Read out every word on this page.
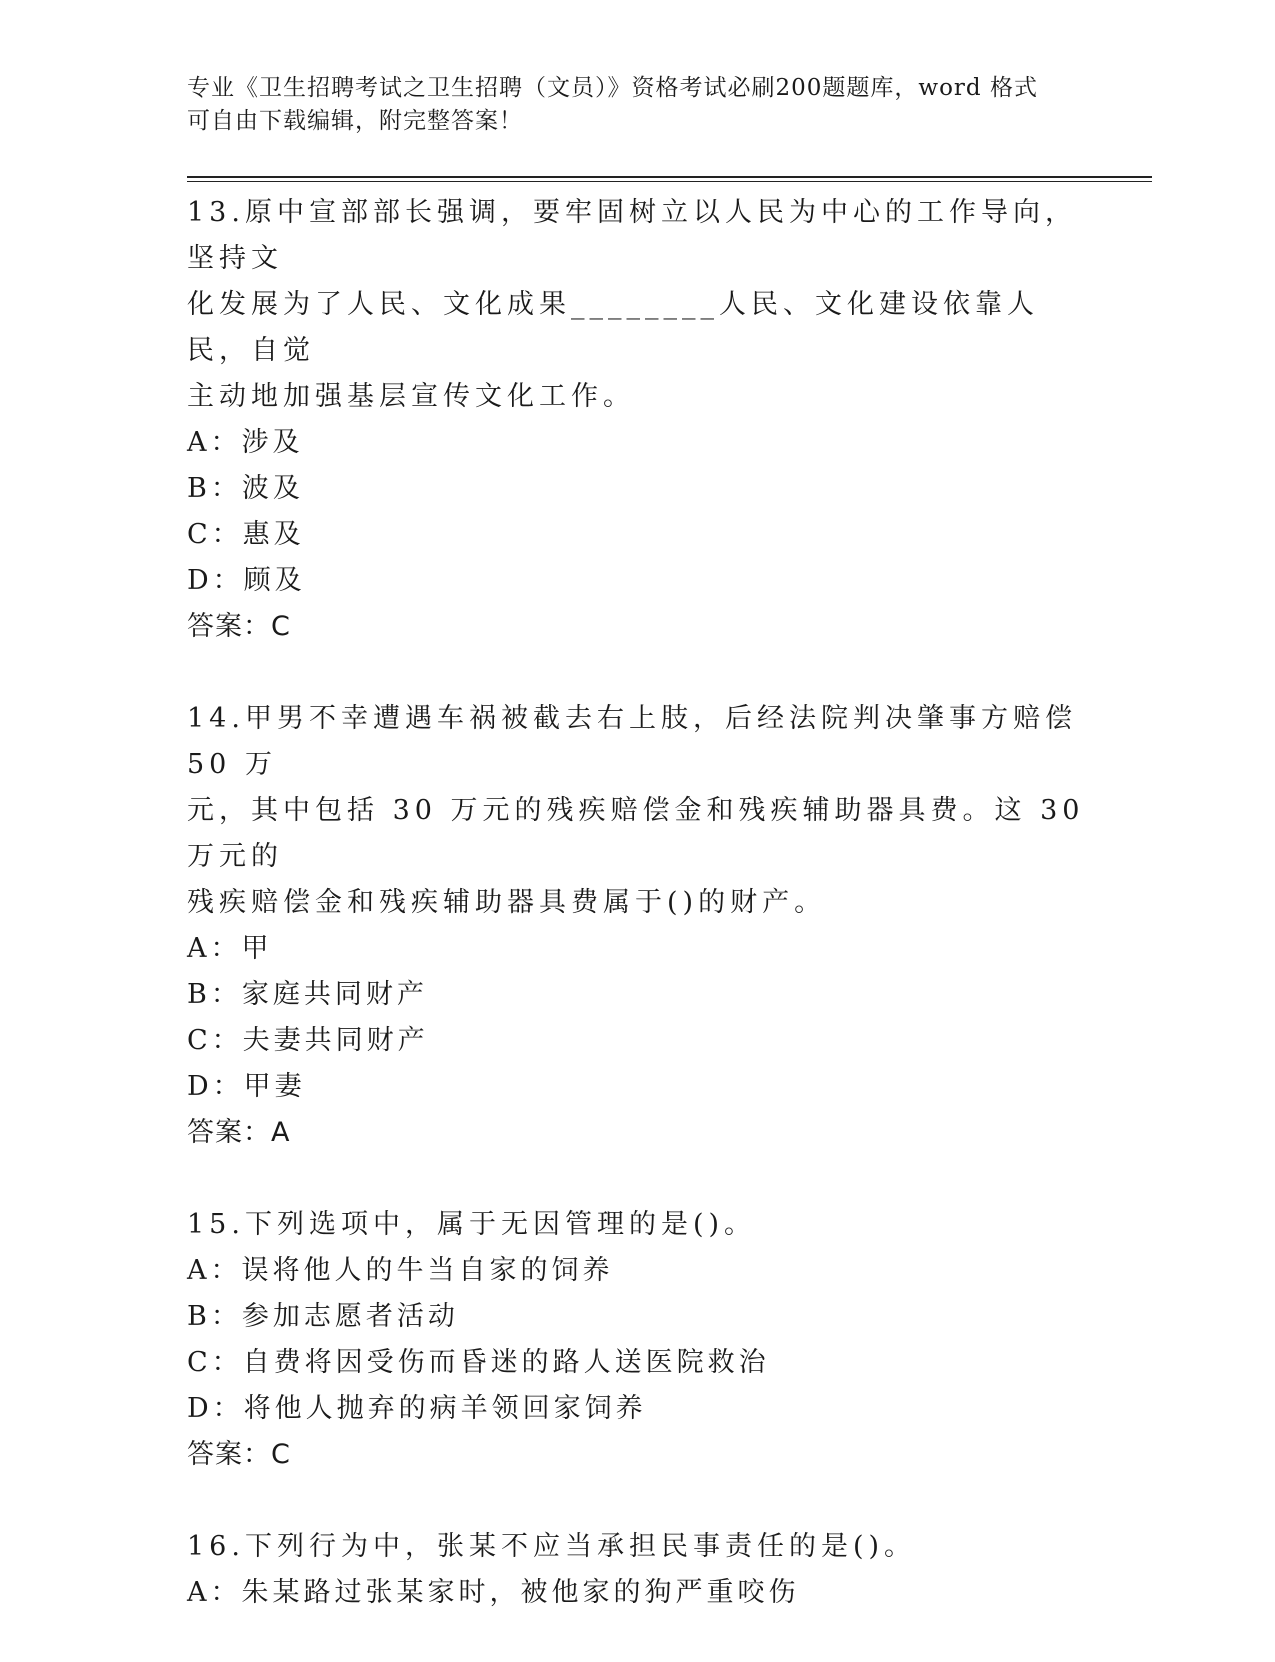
专业《卫生招聘考试之卫生招聘（文员）》资格考试必刷200题题库，word 格式
可自由下载编辑，附完整答案！

13.原中宣部部长强调，要牢固树立以人民为中心的工作导向，坚持文

化发展为了人民、文化成果________人民、文化建设依靠人民，自觉

主动地加强基层宣传文化工作。

A：涉及

B：波及

C：惠及

D：顾及

答案：C

14.甲男不幸遭遇车祸被截去右上肢，后经法院判决肇事方赔偿 50 万

元，其中包括 30 万元的残疾赔偿金和残疾辅助器具费。这 30 万元的

残疾赔偿金和残疾辅助器具费属于()的财产。

A：甲

B：家庭共同财产

C：夫妻共同财产

D：甲妻

答案：A

15.下列选项中，属于无因管理的是()。

A：误将他人的牛当自家的饲养

B：参加志愿者活动

C：自费将因受伤而昏迷的路人送医院救治

D：将他人抛弃的病羊领回家饲养

答案：C

16.下列行为中，张某不应当承担民事责任的是()。

A：朱某路过张某家时，被他家的狗严重咬伤
